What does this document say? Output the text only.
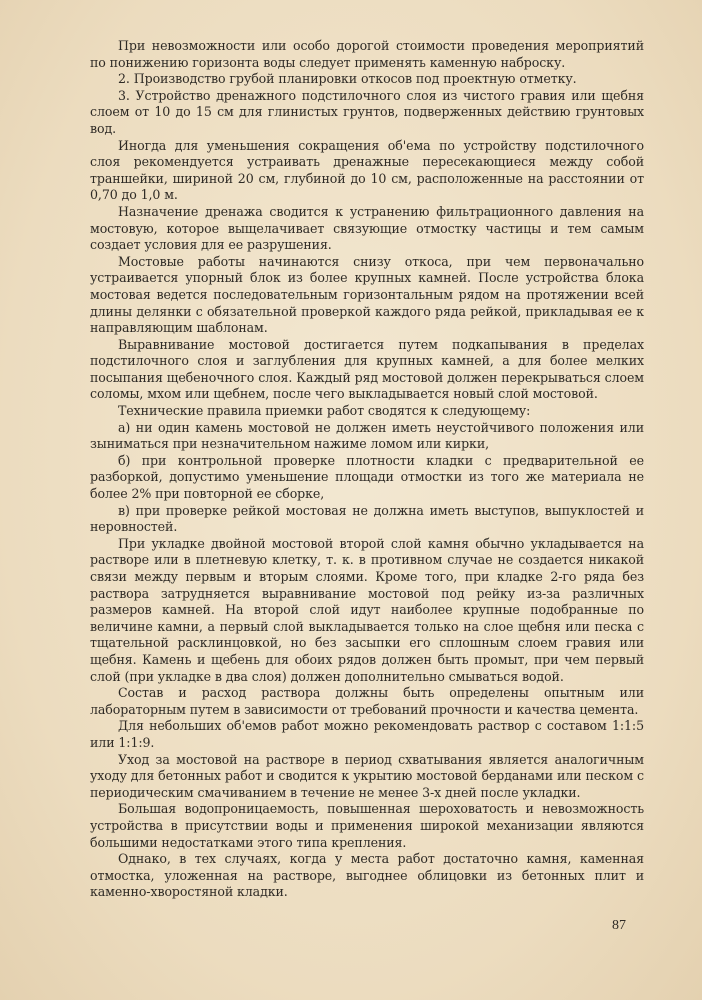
При невозможности или особо дорогой стоимости проведения мероприятий по понижению горизонта воды следует применять каменную наброску.

2. Производство грубой планировки откосов под проектную отметку.

3. Устройство дренажного подстилочного слоя из чистого гравия или щебня слоем от 10 до 15 см для глинистых грунтов, подверженных действию грунтовых вод.

Иногда для уменьшения сокращения об'ема по устройству подстилочного слоя рекомендуется устраивать дренажные пересекающиеся между собой траншейки, шириной 20 см, глубиной до 10 см, расположенные на расстоянии от 0,70 до 1,0 м.

Назначение дренажа сводится к устранению фильтрационного давления на мостовую, которое выщелачивает связующие отмостку частицы и тем самым создает условия для ее разрушения.

Мостовые работы начинаются снизу откоса, при чем первоначально устраивается упорный блок из более крупных камней. После устройства блока мостовая ведется последовательным горизонтальным рядом на протяжении всей длины делянки с обязательной проверкой каждого ряда рейкой, прикладывая ее к направляющим шаблонам.

Выравнивание мостовой достигается путем подкапывания в пределах подстилочного слоя и заглубления для крупных камней, а для более мелких посыпания щебеночного слоя. Каждый ряд мостовой должен перекрываться слоем соломы, мхом или щебнем, после чего выкладывается новый слой мостовой.

Технические правила приемки работ сводятся к следующему:

а) ни один камень мостовой не должен иметь неустойчивого положения или зыниматься при незначительном нажиме ломом или кирки,

б) при контрольной проверке плотности кладки с предварительной ее разборкой, допустимо уменьшение площади отмостки из того же материала не более 2% при повторной ее сборке,

в) при проверке рейкой мостовая не должна иметь выступов, выпуклостей и неровностей.

При укладке двойной мостовой второй слой камня обычно укладывается на растворе или в плетневую клетку, т. к. в противном случае не создается никакой связи между первым и вторым слоями. Кроме того, при кладке 2-го ряда без раствора затрудняется выравнивание мостовой под рейку из-за различных размеров камней. На второй слой идут наиболее крупные подобранные по величине камни, а первый слой выкладывается только на слое щебня или песка с тщательной расклинцовкой, но без засыпки его сплошным слоем гравия или щебня. Камень и щебень для обоих рядов должен быть промыт, при чем первый слой (при укладке в два слоя) должен дополнительно смываться водой.

Состав и расход раствора должны быть определены опытным или лабораторным путем в зависимости от требований прочности и качества цемента.

Для небольших об'емов работ можно рекомендовать раствор с составом 1:1:5 или 1:1:9.

Уход за мостовой на растворе в период схватывания является аналогичным уходу для бетонных работ и сводится к укрытию мостовой берданами или песком с периодическим смачиванием в течение не менее 3-х дней после укладки.

Большая водопроницаемость, повышенная шероховатость и невозможность устройства в присутствии воды и применения широкой механизации являются большими недостатками этого типа крепления.

Однако, в тех случаях, когда у места работ достаточно камня, каменная отмостка, уложенная на растворе, выгоднее облицовки из бетонных плит и каменно-хворостяной кладки.

87
